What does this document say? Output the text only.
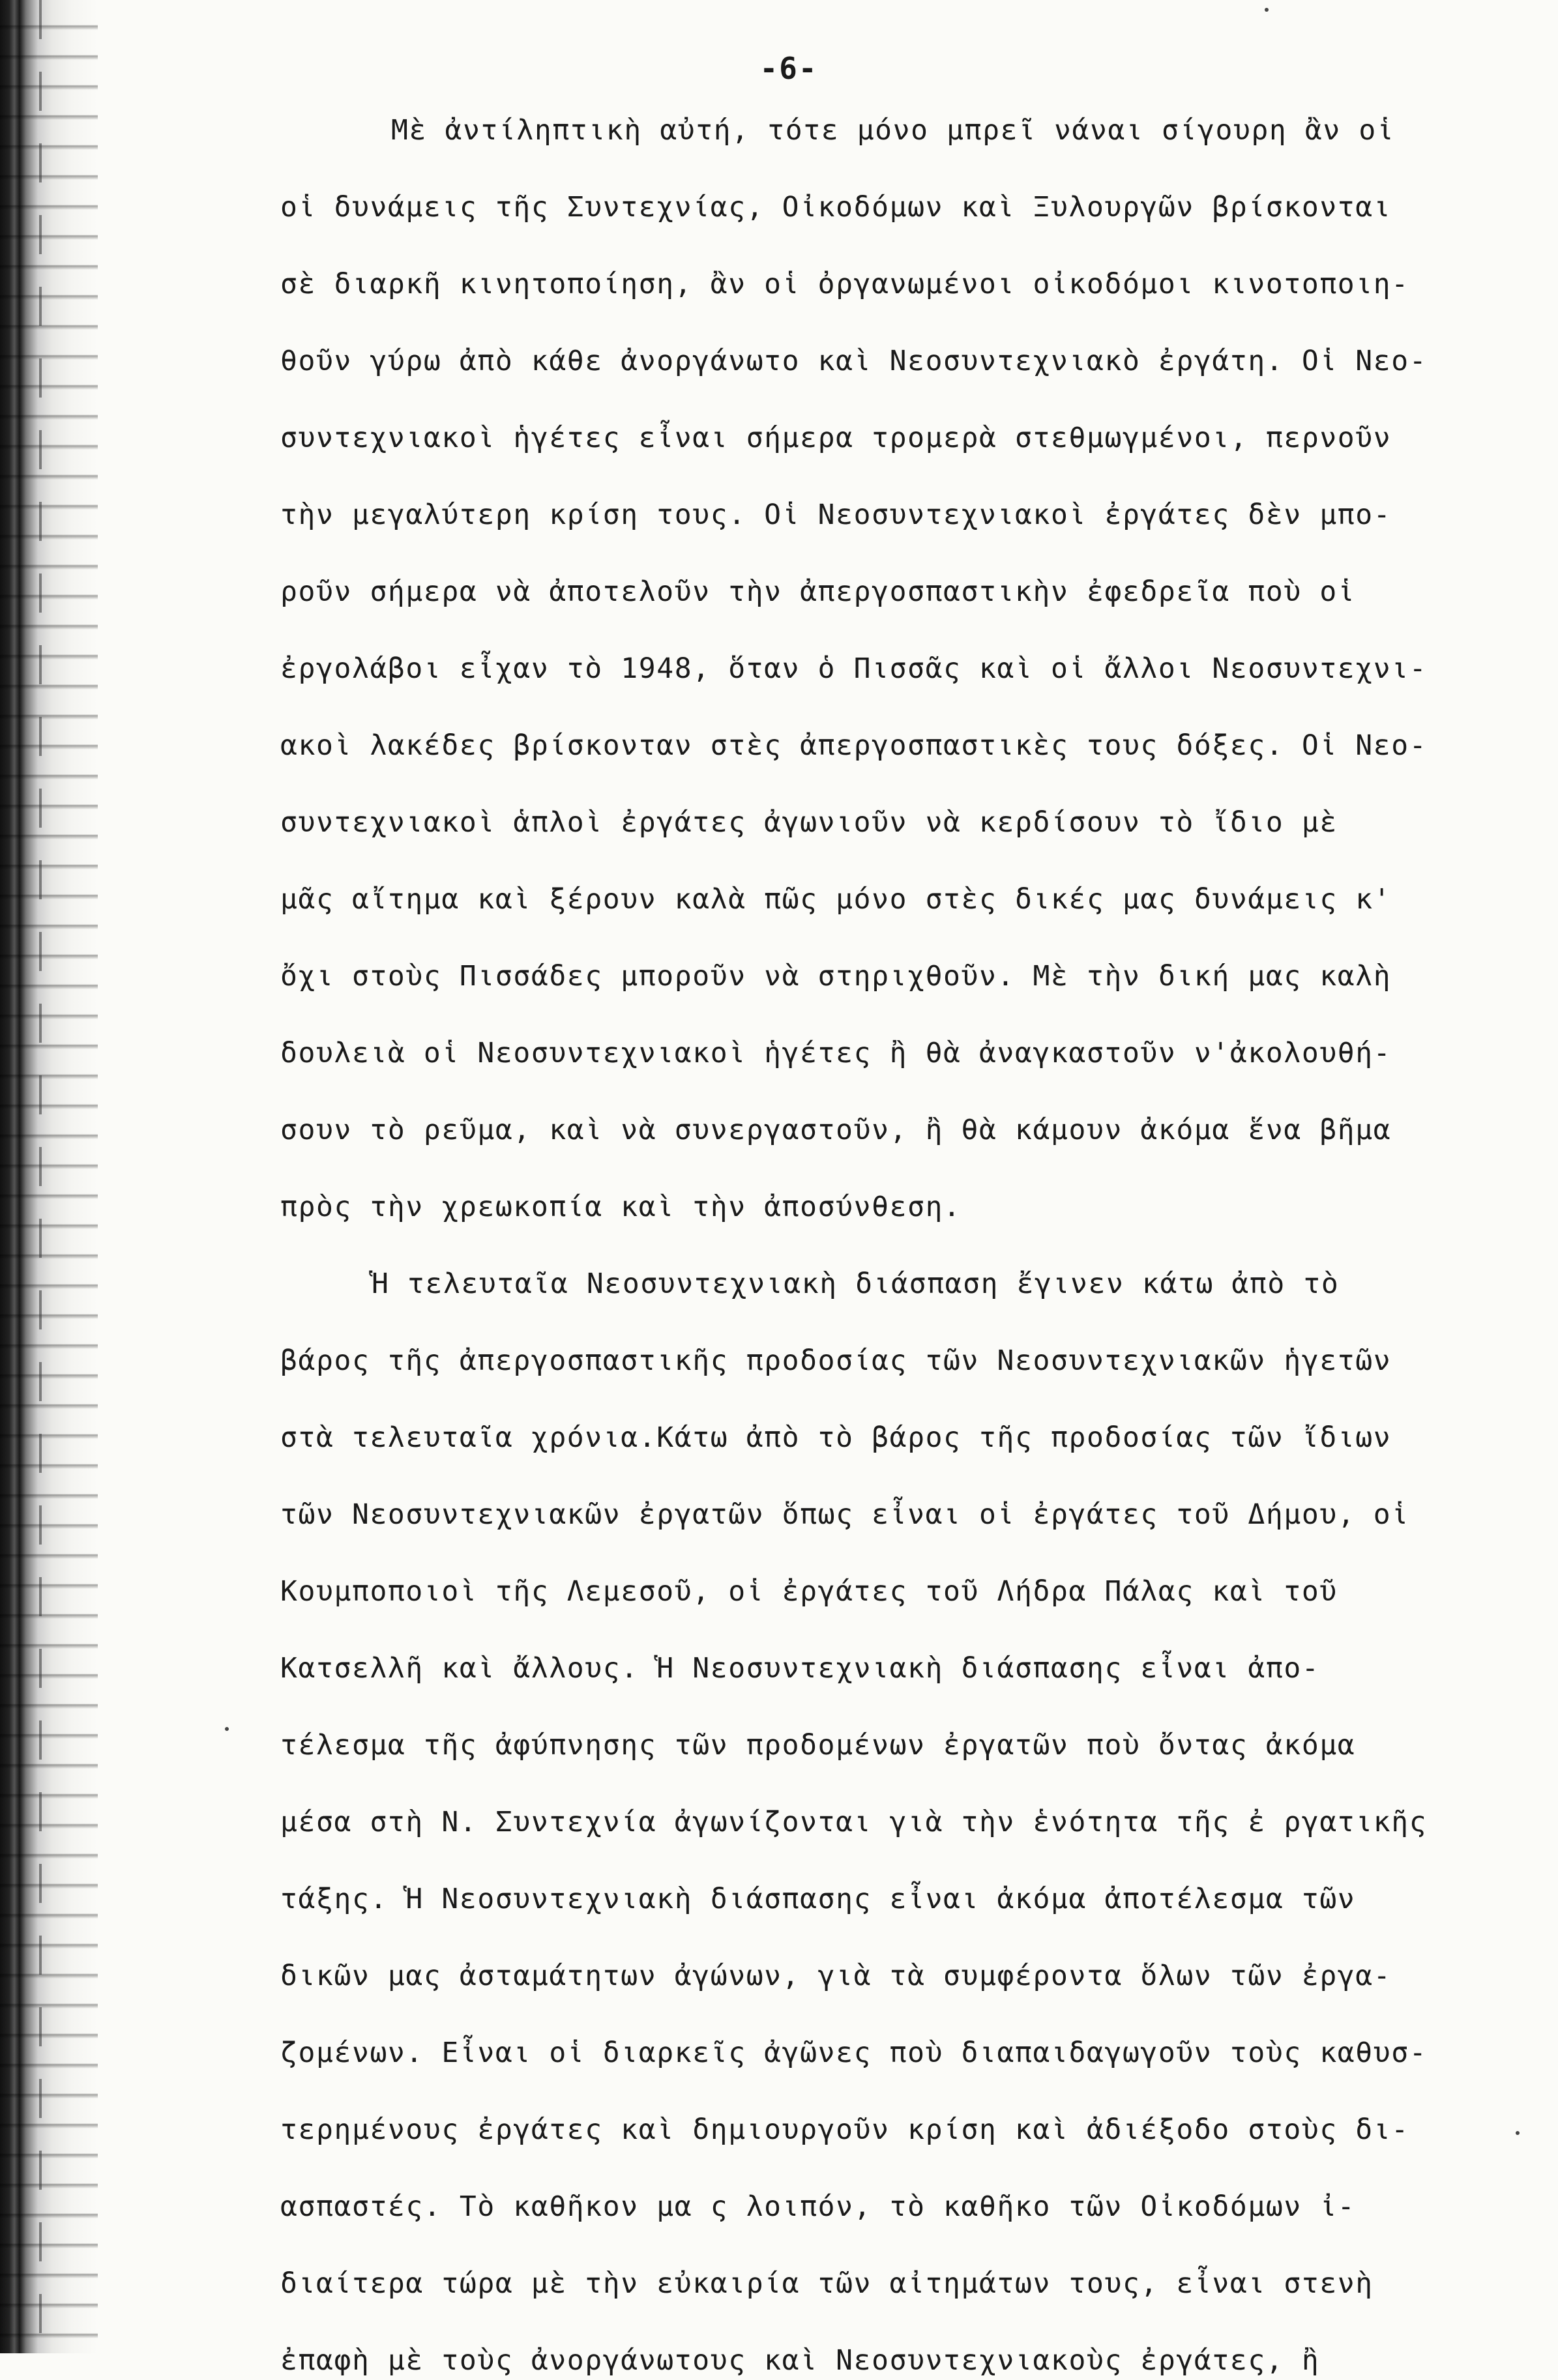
-6-
Μὲ ἀντίληπτικὴ αὐτή, τότε μόνο μπρεῖ νάναι σίγουρη ἂν οἱ
οἱ δυνάμεις τῆς Συντεχνίας, Οἰκοδόμων καὶ Ξυλουργῶν βρίσκονται
σὲ διαρκῆ κινητοποίηση, ἂν οἱ ὀργανωμένοι οἰκοδόμοι κινοτοποιη-
θοῦν γύρω ἀπὸ κάθε ἀνοργάνωτο καὶ Νεοσυντεχνιακὸ ἐργάτη. Οἱ Νεο-
συντεχνιακοὶ ἡγέτες εἶναι σήμερα τρομερὰ στεθμωγμένοι, περνοῦν
τὴν μεγαλύτερη κρίση τους. Οἱ Νεοσυντεχνιακοὶ ἐργάτες δὲν μπο-
ροῦν σήμερα νὰ ἀποτελοῦν τὴν ἀπεργοσπαστικὴν ἐφεδρεῖα ποὺ οἱ
ἐργολάβοι εἶχαν τὸ 1948, ὅταν ὁ Πισσᾶς καὶ οἱ ἄλλοι Νεοσυντεχνι-
ακοὶ λακέδες βρίσκονταν στὲς ἀπεργοσπαστικὲς τους δόξες. Οἱ Νεο-
συντεχνιακοὶ ἁπλοὶ ἐργάτες ἀγωνιοῦν νὰ κερδίσουν τὸ ἴδιο μὲ
μᾶς αἴτημα καὶ ξέρουν καλὰ πῶς μόνο στὲς δικές μας δυνάμεις κ'
ὄχι στοὺς Πισσάδες μποροῦν νὰ στηριχθοῦν. Μὲ τὴν δική μας καλὴ
δουλειὰ οἱ Νεοσυντεχνιακοὶ ἡγέτες ἢ θὰ ἀναγκαστοῦν ν'ἀκολουθή-
σουν τὸ ρεῦμα, καὶ νὰ συνεργαστοῦν, ἢ θὰ κάμουν ἀκόμα ἕνα βῆμα
πρὸς τὴν χρεωκοπία καὶ τὴν ἀποσύνθεση.
Ἡ τελευταῖα Νεοσυντεχνιακὴ διάσπαση ἔγινεν κάτω ἀπὸ τὸ
βάρος τῆς ἀπεργοσπαστικῆς προδοσίας τῶν Νεοσυντεχνιακῶν ἡγετῶν
στὰ τελευταῖα χρόνια.Κάτω ἀπὸ τὸ βάρος τῆς προδοσίας τῶν ἴδιων
τῶν Νεοσυντεχνιακῶν ἐργατῶν ὅπως εἶναι οἱ ἐργάτες τοῦ Δήμου, οἱ
Κουμποποιοὶ τῆς Λεμεσοῦ, οἱ ἐργάτες τοῦ Λήδρα Πάλας καὶ τοῦ
Κατσελλῆ καὶ ἄλλους. Ἡ Νεοσυντεχνιακὴ διάσπασης εἶναι ἀπο-
τέλεσμα τῆς ἀφύπνησης τῶν προδομένων ἐργατῶν ποὺ ὄντας ἀκόμα
μέσα στὴ Ν. Συντεχνία ἀγωνίζονται γιὰ τὴν ἑνότητα τῆς ἐ ργατικῆς
τάξης. Ἡ Νεοσυντεχνιακὴ διάσπασης εἶναι ἀκόμα ἀποτέλεσμα τῶν
δικῶν μας ἀσταμάτητων ἀγώνων, γιὰ τὰ συμφέροντα ὅλων τῶν ἐργα-
ζομένων. Εἶναι οἱ διαρκεῖς ἀγῶνες ποὺ διαπαιδαγωγοῦν τοὺς καθυσ-
τερημένους ἐργάτες καὶ δημιουργοῦν κρίση καὶ ἀδιέξοδο στοὺς δι-
ασπαστές. Τὸ καθῆκον μα ς λοιπόν, τὸ καθῆκο τῶν Οἰκοδόμων ἰ-
διαίτερα τώρα μὲ τὴν εὐκαιρία τῶν αἰτημάτων τους, εἶναι στενὴ
ἐπαφὴ μὲ τοὺς ἀνοργάνωτους καὶ Νεοσυντεχνιακοὺς ἐργάτες, ἢ
